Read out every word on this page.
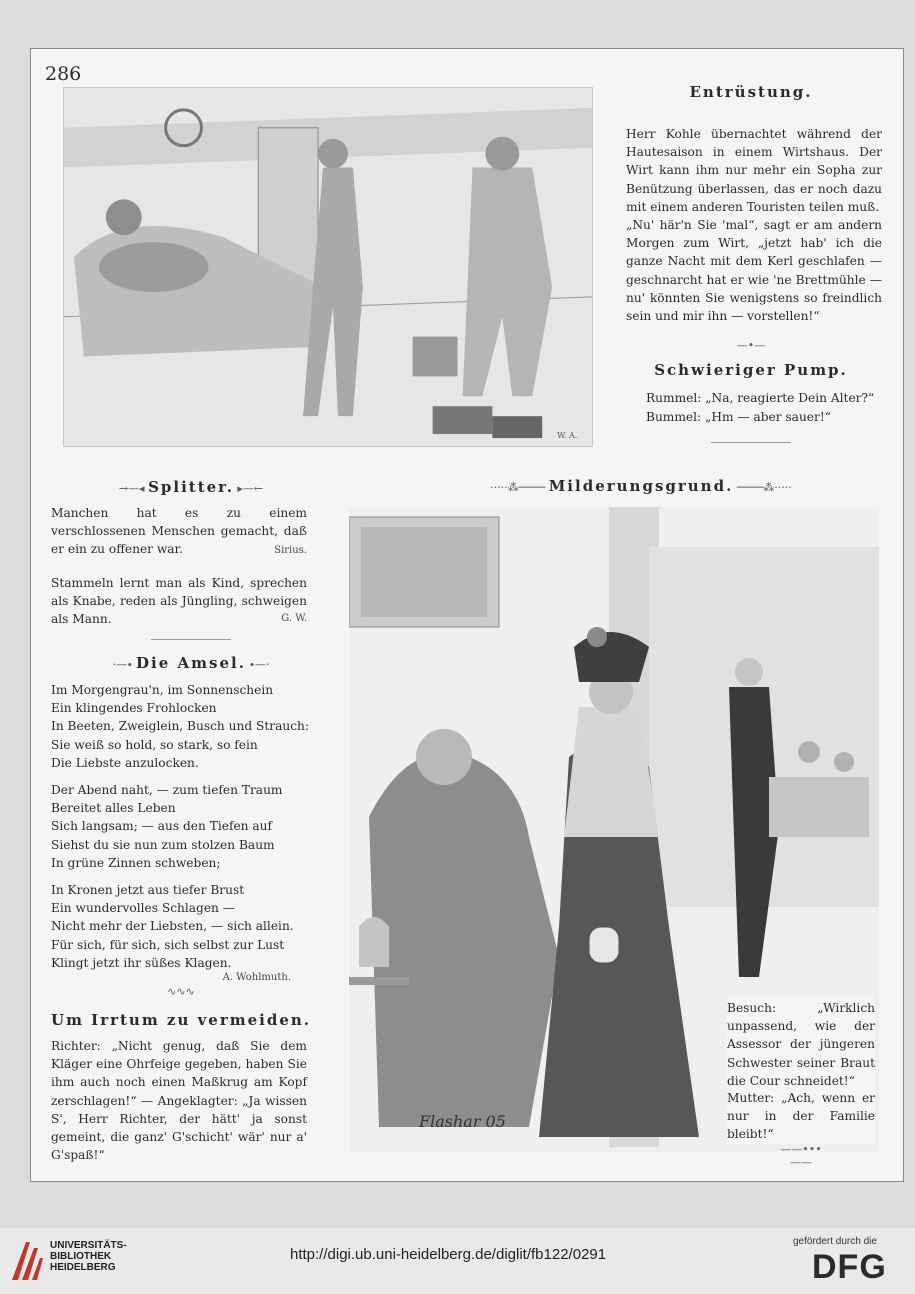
286
W. A.
Entrüstung.
Herr Kohle übernachtet während der Hautesaison in einem Wirtshaus. Der Wirt kann ihm nur mehr ein Sopha zur Benützung überlassen, das er noch dazu mit einem anderen Touristen teilen muß.
„Nu' här'n Sie 'mal“, sagt er am andern Morgen zum Wirt, „jetzt hab' ich die ganze Nacht mit dem Kerl geschlafen — geschnarcht hat er wie 'ne Brettmühle — nu' könnten Sie wenigstens so freindlich sein und mir ihn — vorstellen!“
—•—
Schwieriger Pump.
Rummel: „Na, reagierte Dein Alter?“
Bummel: „Hm — aber sauer!“
→—◂ Splitter. ▸—←
Manchen hat es zu einem verschlossenen Menschen gemacht, daß er ein zu offener war.	Sirius.
Stammeln lernt man als Kind, sprechen als Knabe, reden als Jüngling, schweigen als Mann.	G. W.
·····⁂──── Milderungsgrund. ────⁂·····
·—∙ Die Amsel. ∙—·
Im Morgengrau'n, im Sonnenschein
Ein klingendes Frohlocken
In Beeten, Zweiglein, Busch und Strauch:
Sie weiß so hold, so stark, so fein
Die Liebste anzulocken.
Der Abend naht, — zum tiefen Traum
Bereitet alles Leben
Sich langsam; — aus den Tiefen auf
Siehst du sie nun zum stolzen Baum
In grüne Zinnen schweben;
In Kronen jetzt aus tiefer Brust
Ein wundervolles Schlagen —
Nicht mehr der Liebsten, — sich allein.
Für sich, für sich, sich selbst zur Lust
Klingt jetzt ihr süßes Klagen.
A. Wohlmuth.
∿∿∿
Um Irrtum zu vermeiden.
Richter: „Nicht genug, daß Sie dem Kläger eine Ohrfeige gegeben, haben Sie ihm auch noch einen Maßkrug am Kopf zerschlagen!“ — Angeklagter: „Ja wissen S', Herr Richter, der hätt' ja sonst gemeint, die ganz' G'schicht' wär' nur a' G'spaß!“
Flashar 05
Besuch: „Wirklich unpassend, wie der Assessor der jüngeren Schwester seiner Braut die Cour schneidet!“
Mutter: „Ach, wenn er nur in der Familie bleibt!“
——•••——
UNIVERSITÄTS-
BIBLIOTHEK
HEIDELBERG
http://digi.ub.uni-heidelberg.de/diglit/fb122/0291
gefördert durch die
DFG
